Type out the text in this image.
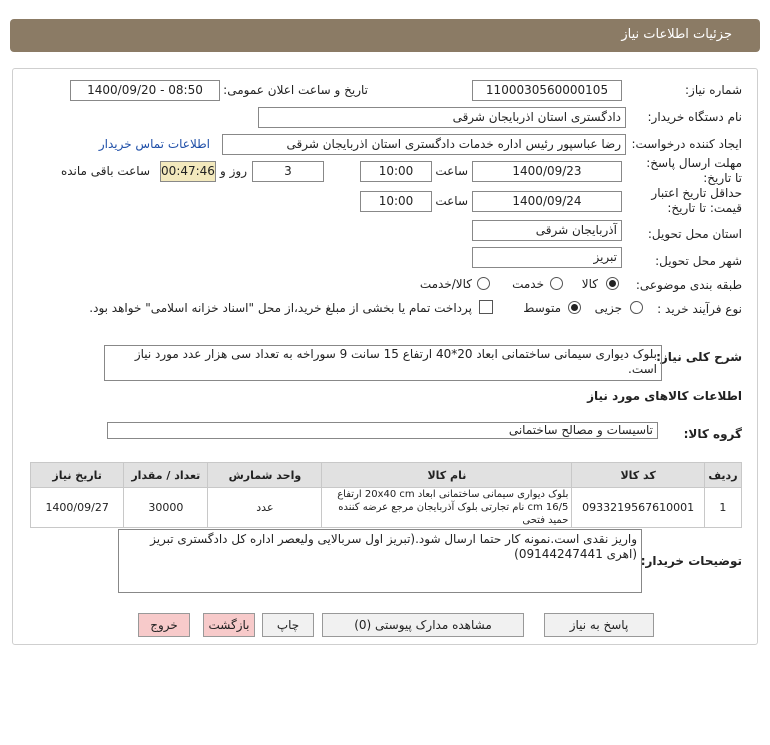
جزئیات اطلاعات نیاز
شماره نیاز:
1100030560000105
تاریخ و ساعت اعلان عمومی:
1400/09/20 - 08:50
نام دستگاه خریدار:
دادگستری استان اذربایجان شرقی
ایجاد کننده درخواست:
رضا عباسپور رئیس اداره خدمات دادگستری استان اذربایجان شرقی
اطلاعات تماس خریدار
مهلت ارسال پاسخ: تا تاریخ:
1400/09/23
ساعت
10:00
3
روز و
00:47:46
ساعت باقی مانده
حداقل تاریخ اعتبار قیمت: تا تاریخ:
1400/09/24
ساعت
10:00
استان محل تحویل:
آذربایجان شرقی
شهر محل تحویل:
تبریز
طبقه بندی موضوعی:
کالا
خدمت
کالا/خدمت
نوع فرآیند خرید :
جزیی
متوسط
پرداخت تمام یا بخشی از مبلغ خرید،از محل "اسناد خزانه اسلامی" خواهد بود.
شرح کلی نیاز:
بلوک دیواری سیمانی ساختمانی ابعاد 20*40 ارتفاع 15 سانت 9 سوراخه به تعداد سی هزار عدد مورد نیاز است.
اطلاعات کالاهای مورد نیاز
گروه کالا:
تاسیسات و مصالح ساختمانی
تاریخ نیاز	تعداد / مقدار	واحد شمارش	نام کالا	کد کالا	ردیف
1400/09/27	30000	عدد	بلوک دیواری سیمانی ساختمانی ابعاد 20x40 cm ارتفاع 16/5 cm نام تجارتی بلوک آذربایجان مرجع عرضه کننده حمید فتحی	0933219567610001	1
توضیحات خریدار:
واریز نقدی است.نمونه کار حتما ارسال شود.(تبریز اول سربالایی ولیعصر اداره کل دادگستری تبریز (اهری 09144247441)
پاسخ به نیاز
مشاهده مدارک پیوستی (0)
چاپ
بازگشت
خروج
